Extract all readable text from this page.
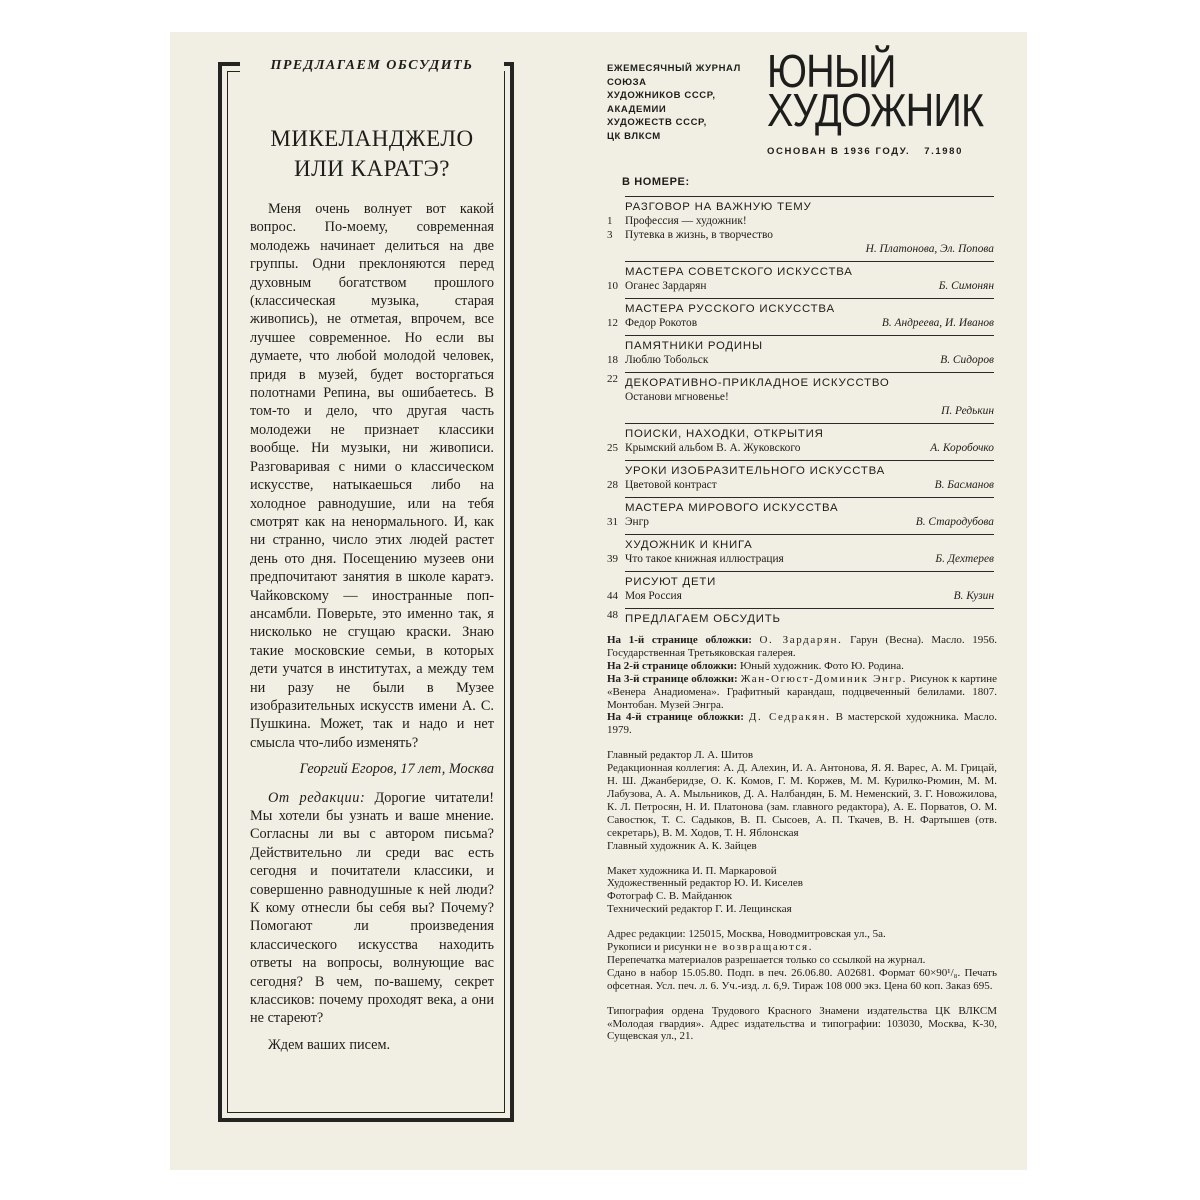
ПРЕДЛАГАЕМ ОБСУДИТЬ
МИКЕЛАНДЖЕЛО
ИЛИ КАРАТЭ?

Меня очень волнует вот какой вопрос. По-моему, современная молодежь начинает делиться на две группы. Одни преклоняются перед духовным богатством прошлого (классическая музыка, старая живопись), не отметая, впрочем, все лучшее современное. Но если вы думаете, что любой молодой человек, придя в музей, будет восторгаться полотнами Репина, вы ошибаетесь. В том-то и дело, что другая часть молодежи не признает классики вообще. Ни музыки, ни живописи. Разговаривая с ними о классическом искусстве, натыкаешься либо на холодное равнодушие, или на тебя смотрят как на ненормального. И, как ни странно, число этих людей растет день ото дня. Посещению музеев они предпочитают занятия в школе каратэ. Чайковскому — иностранные поп-ансамбли. Поверьте, это именно так, я нисколько не сгущаю краски. Знаю такие московские семьи, в которых дети учатся в институтах, а между тем ни разу не были в Музее изобразительных искусств имени А. С. Пушкина. Может, так и надо и нет смысла что-либо изменять?

Георгий Егоров, 17 лет, Москва

От редакции: Дорогие читатели! Мы хотели бы узнать и ваше мнение. Согласны ли вы с автором письма? Действительно ли среди вас есть сегодня и почитатели классики, и совершенно равнодушные к ней люди? К кому отнесли бы себя вы? Почему? Помогают ли произведения классического искусства находить ответы на вопросы, волнующие вас сегодня? В чем, по-вашему, секрет классиков: почему проходят века, а они не стареют?

Ждем ваших писем.

ЕЖЕМЕСЯЧНЫЙ ЖУРНАЛ
СОЮЗА
ХУДОЖНИКОВ СССР,
АКАДЕМИИ
ХУДОЖЕСТВ СССР,
ЦК ВЛКСМ
ЮНЫЙ
ХУДОЖНИК
ОСНОВАН В 1936 ГОДУ. 7.1980
В НОМЕРЕ:
РАЗГОВОР НА ВАЖНУЮ ТЕМУ
1 Профессия — художник!
3 Путевка в жизнь, в творчество
Н. Платонова, Эл. Попова
МАСТЕРА СОВЕТСКОГО ИСКУССТВА
10 Оганес Зардарян	Б. Симонян
МАСТЕРА РУССКОГО ИСКУССТВА
12 Федор Рокотов	В. Андреева, И. Иванов
ПАМЯТНИКИ РОДИНЫ
18 Люблю Тобольск	В. Сидоров
22 ДЕКОРАТИВНО-ПРИКЛАДНОЕ ИСКУССТВО
Останови мгновенье!
П. Редькин
ПОИСКИ, НАХОДКИ, ОТКРЫТИЯ
25 Крымский альбом В. А. Жуковского	А. Коробочко
УРОКИ ИЗОБРАЗИТЕЛЬНОГО ИСКУССТВА
28 Цветовой контраст	В. Басманов
МАСТЕРА МИРОВОГО ИСКУССТВА
31 Энгр	В. Стародубова
ХУДОЖНИК И КНИГА
39 Что такое книжная иллюстрация	Б. Дехтерев
РИСУЮТ ДЕТИ
44 Моя Россия	В. Кузин
48 ПРЕДЛАГАЕМ ОБСУДИТЬ

На 1-й странице обложки: О. Зардарян. Гарун (Весна). Масло. 1956. Государственная Третьяковская галерея.

На 2-й странице обложки: Юный художник. Фото Ю. Родина.

На 3-й странице обложки: Жан-Огюст-Доминик Энгр. Рисунок к картине «Венера Анадиомена». Графитный карандаш, подцвеченный белилами. 1807. Монтобан. Музей Энгра.

На 4-й странице обложки: Д. Седракян. В мастерской художника. Масло. 1979.

Главный редактор Л. А. Шитов

Редакционная коллегия: А. Д. Алехин, И. А. Антонова, Я. Я. Варес, А. М. Грицай, Н. Ш. Джанберидзе, О. К. Комов, Г. М. Коржев, М. М. Курилко-Рюмин, М. М. Лабузова, А. А. Мыльников, Д. А. Налбандян, Б. М. Неменский, З. Г. Новожилова, К. Л. Петросян, Н. И. Платонова (зам. главного редактора), А. Е. Порватов, О. М. Савостюк, Т. С. Садыков, В. П. Сысоев, А. П. Ткачев, В. Н. Фартышев (отв. секретарь), В. М. Ходов, Т. Н. Яблонская

Главный художник А. К. Зайцев

Макет художника И. П. Маркаровой

Художественный редактор Ю. И. Киселев

Фотограф С. В. Майданюк

Технический редактор Г. И. Лещинская

Адрес редакции: 125015, Москва, Новодмитровская ул., 5а.

Рукописи и рисунки не возвращаются.

Перепечатка материалов разрешается только со ссылкой на журнал.

Сдано в набор 15.05.80. Подп. в печ. 26.06.80. А02681. Формат 60×90¹/₈. Печать офсетная. Усл. печ. л. 6. Уч.-изд. л. 6,9. Тираж 108 000 экз. Цена 60 коп. Заказ 695.

Типография ордена Трудового Красного Знамени издательства ЦК ВЛКСМ «Молодая гвардия». Адрес издательства и типографии: 103030, Москва, К-30, Сущевская ул., 21.
